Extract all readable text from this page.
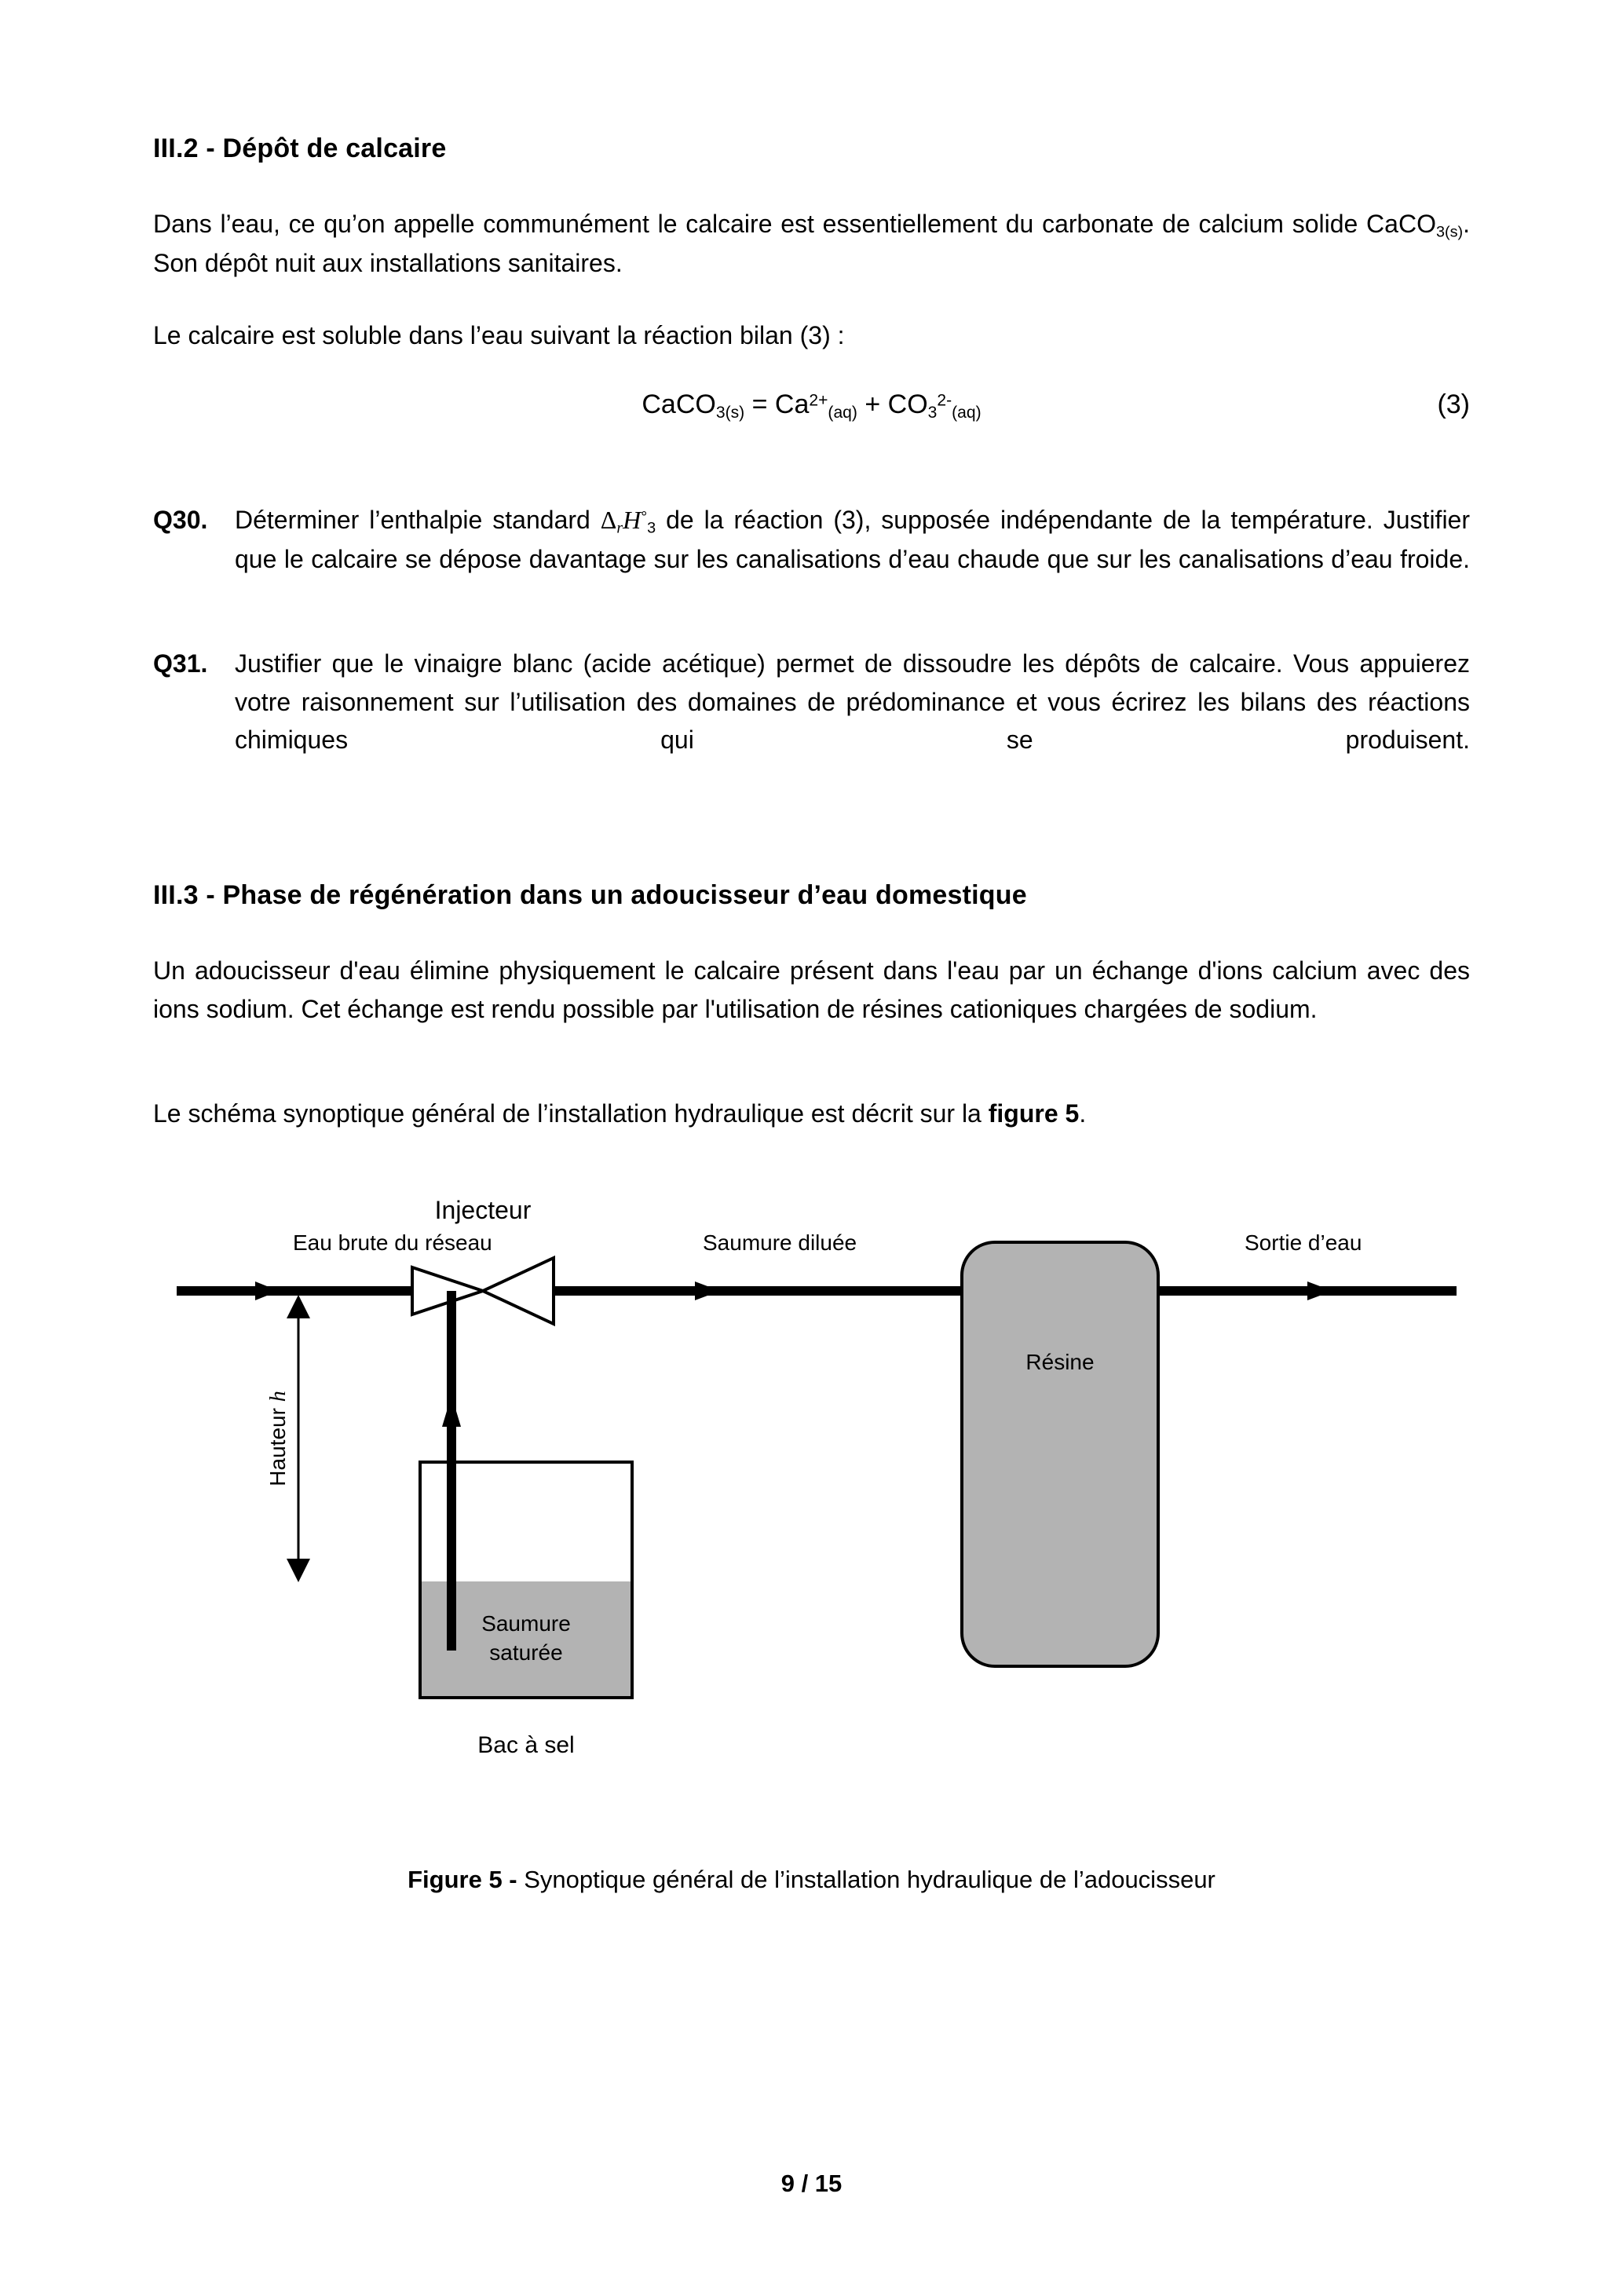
III.2 - Dépôt de calcaire

Dans l’eau, ce qu’on appelle communément le calcaire est essentiellement du carbonate de calcium solide CaCO$_{3(s)}$. Son dépôt nuit aux installations sanitaires.

Le calcaire est soluble dans l’eau suivant la réaction bilan (3) :

CaCO$_{3(s)}$ = $Ca^{2+}_{(aq)} + CO_3^{2-}_{(aq)}$	(3)
Q30.	Déterminer l’enthalpie standard $\Delta_rH^\circ_3$ de la réaction (3), supposée indépendante de la température. Justifier que le calcaire se dépose davantage sur les canalisations d’eau chaude que sur les canalisations d’eau froide.
Q31.	Justifier que le vinaigre blanc (acide acétique) permet de dissoudre les dépôts de calcaire. Vous appuierez votre raisonnement sur l’utilisation des domaines de prédominance et vous écrirez les bilans des réactions chimiques qui se produisent.
III.3 - Phase de régénération dans un adoucisseur d’eau domestique

Un adoucisseur d'eau élimine physiquement le calcaire présent dans l'eau par un échange d'ions calcium avec des ions sodium. Cet échange est rendu possible par l'utilisation de résines cationiques chargées de sodium.

Le schéma synoptique général de l’installation hydraulique est décrit sur la figure 5.

Résine
Saumure
saturée
Bac à sel
Hauteur h
Eau brute du réseau
Injecteur
Saumure diluée	Sortie d’eau
Figure 5 - Synoptique général de l’installation hydraulique de l’adoucisseur
9 / 15
